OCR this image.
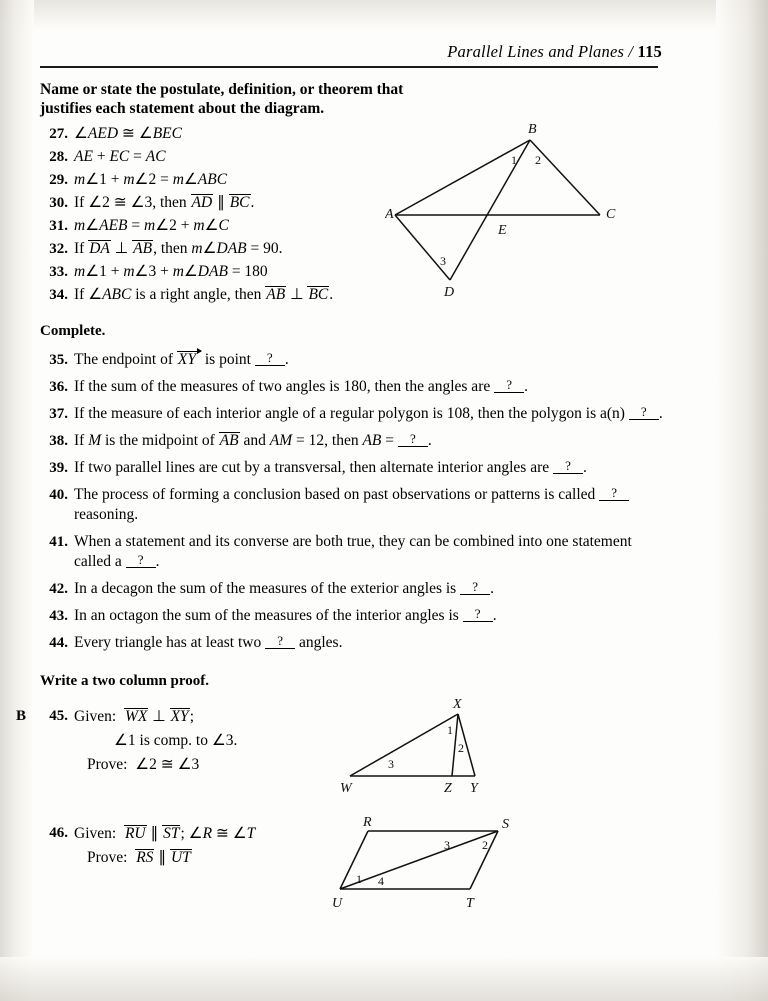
Parallel Lines and Planes / 115
Name or state the postulate, definition, or theorem that
justifies each statement about the diagram.
27. ∠AED ≅ ∠BEC
28. AE + EC = AC
29. m∠1 + m∠2 = m∠ABC
30. If ∠2 ≅ ∠3, then AD ∥ BC.
31. m∠AEB = m∠2 + m∠C
32. If DA ⊥ AB, then m∠DAB = 90.
33. m∠1 + m∠3 + m∠DAB = 180
34. If ∠ABC is a right angle, then AB ⊥ BC.
A
B
C
D
E
1 2
3
Complete.
35. The endpoint of XY is point ? .
36. If the sum of the measures of two angles is 180, then the angles are ? .
37. If the measure of each interior angle of a regular polygon is 108, then the polygon is a(n) ? .
38. If M is the midpoint of AB and AM = 12, then AB = ? .
39. If two parallel lines are cut by a transversal, then alternate interior angles are ? .
40. The process of forming a conclusion based on past observations or patterns is called ? reasoning.
41. When a statement and its converse are both true, they can be combined into one statement called a ? .
42. In a decagon the sum of the measures of the exterior angles is ? .
43. In an octagon the sum of the measures of the interior angles is ? .
44. Every triangle has at least two ? angles.
Write a two column proof.
B	45. Given: WX ⊥ XY;
∠1 is comp. to ∠3.
Prove:  ∠2 ≅ ∠3
X
W	Z Y
1
2
3
46. Given: RU ∥ ST; ∠R ≅ ∠T
Prove: RS ∥ UT
R	S
U	T
1
2
3
4
